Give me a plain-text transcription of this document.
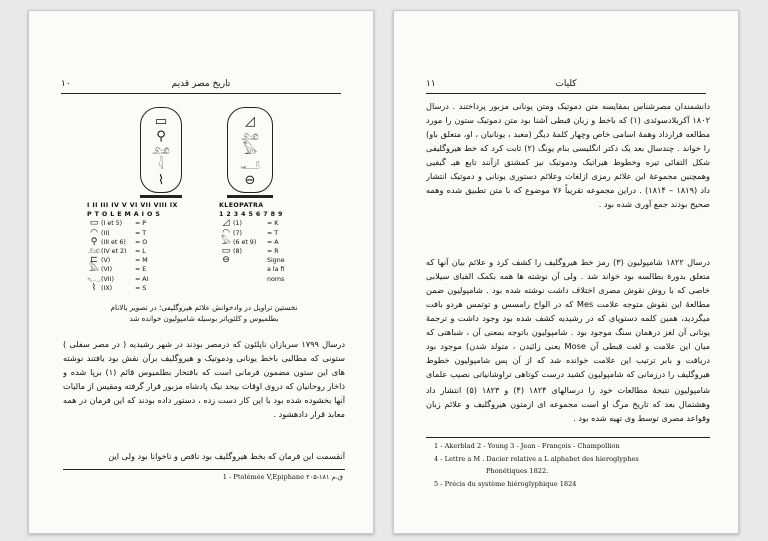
۱۰	تاریخ مصر قدیم
▭
⚲
𓃭
𓇋
⌇
◿
𓃭
𓅃
𓂝
⊖
I II III IV V VI VII VIII IX
P T O L E M A I O S
▭ (I et 5)	= P
◠ (II)	= T
⚲ (III et 6)	= O
𓃭 (IV et 2)	= L
⊏ (V)	= M
𓅓 (VI)	= E
𓆑 (VII)	= AI
⌇ (IX)	= S
KLEOPATRA
1 2 3 4 5 6 7 8 9
◿ (1)	= K
◠ (7)	= T
𓅃 (6 et 9)	= A
▭ (8)	= R
⊖	Signe
a la fi
noms
نخستین تراویل در وادخوانش علائم هیروگلیفی؛ در تصویر بالانام
بطلمیوس و کلئوپاتر بوسیله شامپولیون خوانده شد
درسال ۱۷۹۹ سربازان ناپلئون که درمصر بودند در شهر رشیدیه ( در مصر سفلی ) ستونی که مطالبی باخط یونانی ودموتیک و هیروگلیف برآن نقش بود یافتند نوشته های این ستون مضمون فرمانی است که بافتخار بطلمیوس قائم (۱) برپا شده و ذاخار روحانیان که دروی اوقات بیحد نیک پادشاه مزبور قرار گرفته ومقیس از مالیات آنها بخشوده شده بود با این کار دست زده ، دستور داده بودند که این فرمان در همه معابد قرار دادهشود .
آنقسمت این فرمان که بخط هیروگلیف بود ناقص و ناخوانا بود ولی این
1 - Ptolémée V,Epiphane ۲۰۵-۱۸۱ ق.م
۱۱	کلیات
دانشمندان مصرشناس بمقایسه متن دموتیک ومتن یونانی مزبور پرداختند . درسال ۱۸۰۲ آکربلادسوئدی (۱) که باخط و زبان قبطی آشنا بود متن دموتیک ستون را مورد مطالعه قرارداد وهمهٔ اسامی خاص وچهار کلمهٔ دیگر (معبد ، یونانیان ، او، متعلق باو) را خواند . چندسال بعد یک دکتر انگلیسی بنام یونگ (۲) ثابت کرد که خط هیروگلیفی شکل التفائی تیره وخطوط هیراتیک ودموتیک نیز کمشتق ازآنند تابع هیـ گیفیی وهمچنین مجموعهٔ این علائم رمزی ازلغات وعلائم دستوری یونانی و دموتیک انتشار داد (۱۸۱۹ – ۱۸۱۴) . دراین مجموعه تقریباً ۷۶ موضوع که با متن تطبیق شده وهمه صحیح بودند جمع آوری شده بود .
درسال ۱۸۲۲ شامپولیون (۳) رمز خط هیروگلیف را کشف کرد و علائم بیان آنها که متعلق بدورهٔ بطالسه بود خواند شد . ولی آن نوشته ها همه بکمک الفبای سیلابی خاصی که با روش نقوش مصری اختلاف داشت نوشته شده بود . شامپولیون ضمن مطالعهٔ این نقوش متوجه علامت Mes که در الواح رامسس و توتمس هردو بافت میگردید، همین کلمه دستوپای که در رشیدیه کشف شده بود وجود داشت و ترجمهٔ یونانی آن لغز درهمان سنگ موجود بود . شامپولیون باتوجه بمعنی آن ، شباهتی که میان این علامت و لغت قبطی آن Mose یعنی زائیدن ، متولد شدن) موجود بود دریافت و بابر ترتیب این علامت خوانده شد که از آن پس شامپولیون خطوط هیروگلیف را درزمانی که شامپولیون کشید درست کوتاهی تراوشانیاتی نصیب علمای
شامپولیون نتیجهٔ مطالعات خود را درسالهای ۱۸۲۴ (۴) و ۱۸۲۳ (۵) انتشار داد وهشتمال بعد که تاریخ مرگ او است مجموعه ای ازمتون هیروگلیف و علائم زبان وقواعد مصری توسط وی تهیه شده بود .
1 - Akerblad 2 - Young 3 - Jean - François - Champollion
4 - Lettre a M . Dacier relative a L alphabet des hieroglyphes
Phonétiques 1822.
5 - Précis du système hiéroglyphique 1824
